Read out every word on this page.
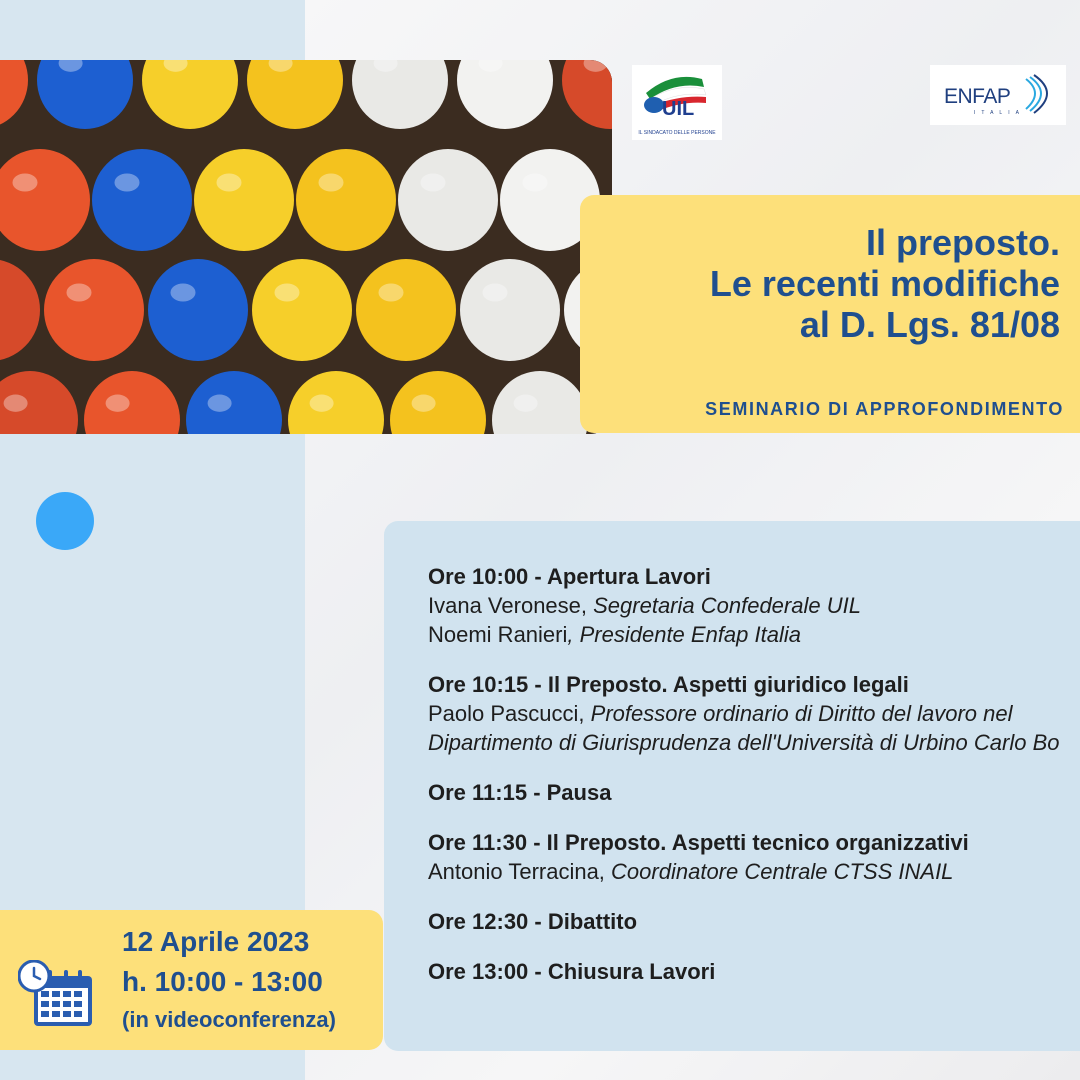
UIL
IL SINDACATO DELLE PERSONE
ENFAP
ITALIA
Il preposto.
Le recenti modifiche
al D. Lgs. 81/08
SEMINARIO DI APPROFONDIMENTO
Ore 10:00 - Apertura Lavori
Ivana Veronese, Segretaria Confederale UIL
Noemi Ranieri, Presidente Enfap Italia
Ore 10:15 - Il Preposto. Aspetti giuridico legali
Paolo Pascucci, Professore ordinario di Diritto del lavoro nel Dipartimento di Giurisprudenza dell'Università di Urbino Carlo Bo
Ore 11:15 - Pausa
Ore 11:30 - Il Preposto. Aspetti tecnico organizzativi
Antonio Terracina, Coordinatore Centrale CTSS INAIL
Ore 12:30 - Dibattito
Ore 13:00 - Chiusura Lavori
12 Aprile 2023
h. 10:00 - 13:00
(in videoconferenza)
